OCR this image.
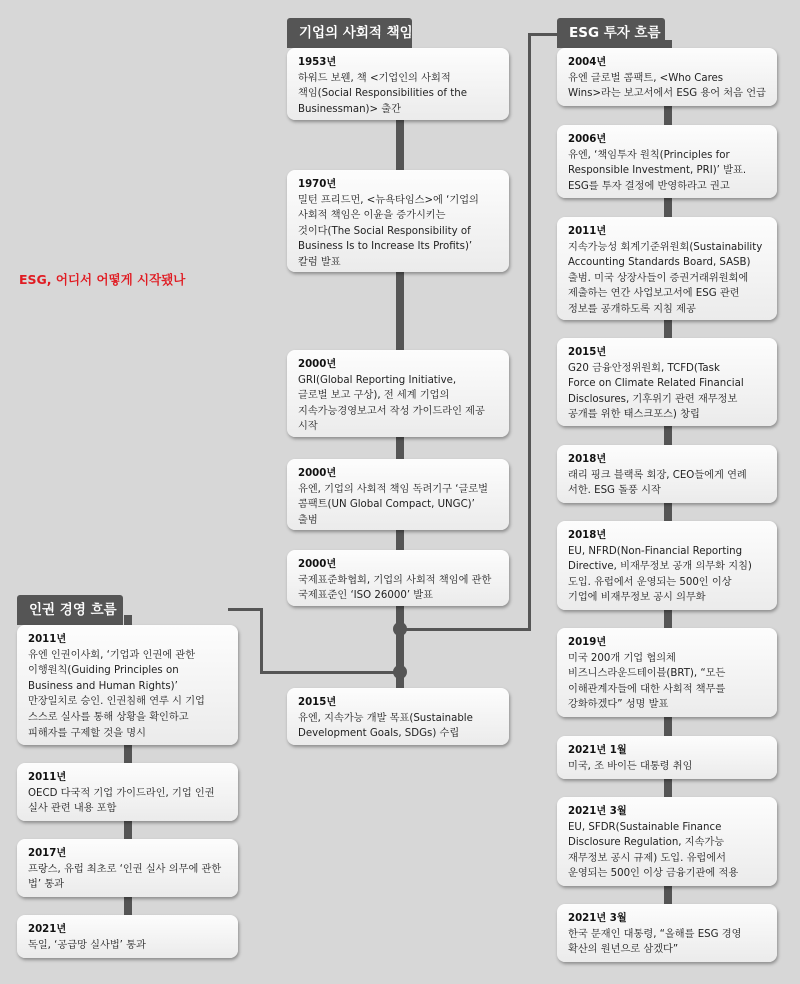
ESG, 어디서 어떻게 시작됐나
기업의 사회적 책임	ESG 투자 흐름
인권 경영 흐름
1953년
하워드 보웬, 책 <기업인의 사회적
책임(Social Responsibilities of the
Businessman)> 출간
1970년
밀턴 프리드먼, <뉴욕타임스>에 ‘기업의
사회적 책임은 이윤을 증가시키는
것이다(The Social Responsibility of
Business Is to Increase Its Profits)’
칼럼 발표
2000년
GRI(Global Reporting Initiative,
글로벌 보고 구상), 전 세계 기업의
지속가능경영보고서 작성 가이드라인 제공
시작
2000년
유엔, 기업의 사회적 책임 독려기구 ‘글로벌
콤팩트(UN Global Compact, UNGC)’
출범
2000년
국제표준화협회, 기업의 사회적 책임에 관한
국제표준인 ‘ISO 26000’ 발표
2015년
유엔, 지속가능 개발 목표(Sustainable
Development Goals, SDGs) 수립
2004년
유엔 글로벌 콤팩트, <Who Cares
Wins>라는 보고서에서 ESG 용어 처음 언급
2006년
유엔, ‘책임투자 원칙(Principles for
Responsible Investment, PRI)’ 발표.
ESG를 투자 결정에 반영하라고 권고
2011년
지속가능성 회계기준위원회(Sustainability
Accounting Standards Board, SASB)
출범. 미국 상장사들이 증권거래위원회에
제출하는 연간 사업보고서에 ESG 관련
정보를 공개하도록 지침 제공
2015년
G20 금융안정위원회, TCFD(Task
Force on Climate Related Financial
Disclosures, 기후위기 관련 재무정보
공개를 위한 태스크포스) 창립
2018년
래리 핑크 블랙록 회장, CEO들에게 연례
서한. ESG 돌풍 시작
2018년
EU, NFRD(Non-Financial Reporting
Directive, 비재무정보 공개 의무화 지침)
도입. 유럽에서 운영되는 500인 이상
기업에 비재무정보 공시 의무화
2019년
미국 200개 기업 협의체
비즈니스라운드테이블(BRT), “모든
이해관계자들에 대한 사회적 책무를
강화하겠다” 성명 발표
2021년 1월
미국, 조 바이든 대통령 취임
2021년 3월
EU, SFDR(Sustainable Finance
Disclosure Regulation, 지속가능
재무정보 공시 규제) 도입. 유럽에서
운영되는 500인 이상 금융기관에 적용
2021년 3월
한국 문재인 대통령, “올해를 ESG 경영
확산의 원년으로 삼겠다”
2011년
유엔 인권이사회, ‘기업과 인권에 관한
이행원칙(Guiding Principles on
Business and Human Rights)’
만장일치로 승인. 인권침해 연루 시 기업
스스로 실사를 통해 상황을 확인하고
피해자를 구제할 것을 명시
2011년
OECD 다국적 기업 가이드라인, 기업 인권
실사 관련 내용 포함
2017년
프랑스, 유럽 최초로 ‘인권 실사 의무에 관한
법’ 통과
2021년
독일, ‘공급망 실사법’ 통과
